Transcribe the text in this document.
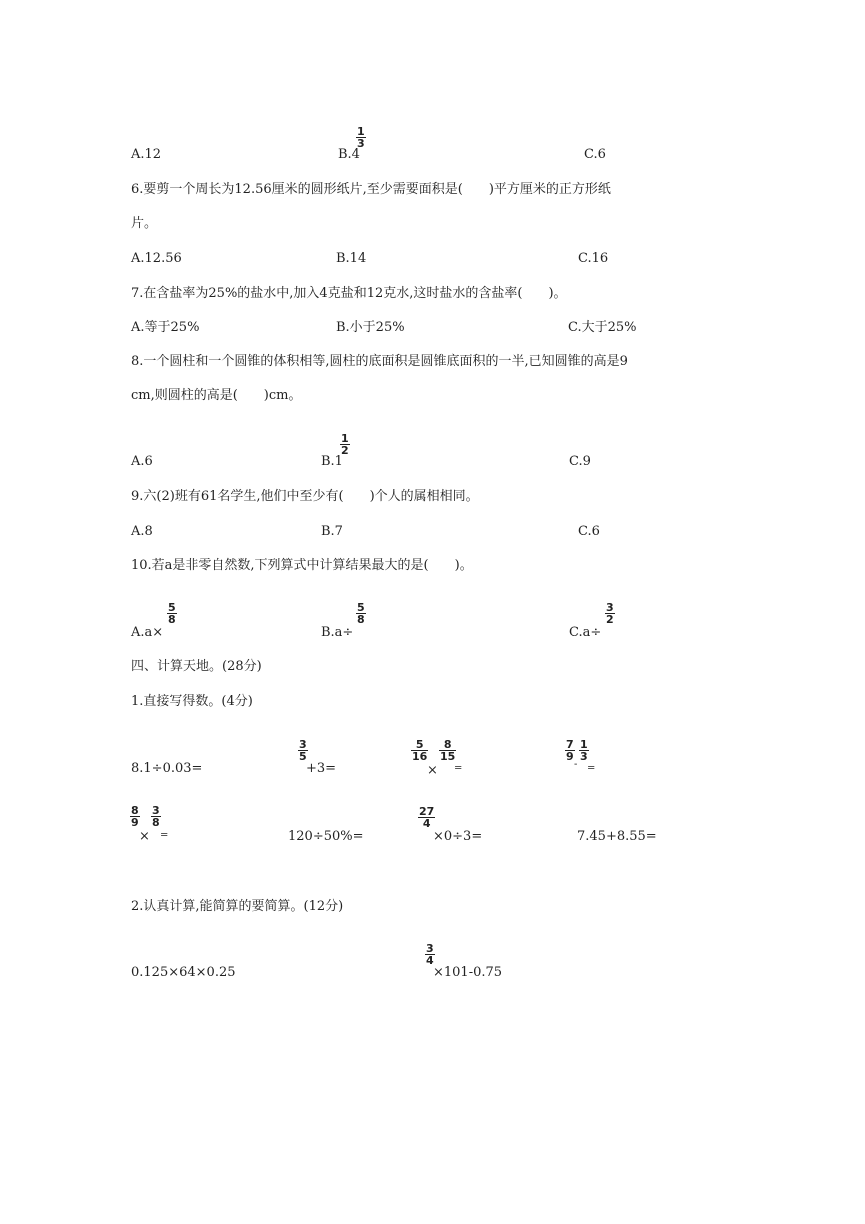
A.12	B.4
$\frac{1}{3}$
C.6
6.要剪一个周长为12.56厘米的圆形纸片,至少需要面积是(　　)平方厘米的正方形纸
片。
A.12.56	B.14	C.16
7.在含盐率为25%的盐水中,加入4克盐和12克水,这时盐水的含盐率(　　)。
A.等于25%	B.小于25%	C.大于25%
8.一个圆柱和一个圆锥的体积相等,圆柱的底面积是圆锥底面积的一半,已知圆锥的高是9
cm,则圆柱的高是(　　)cm。
A.6	B.1
$\frac{1}{2}$
C.9
9.六(2)班有61名学生,他们中至少有(　　)个人的属相相同。
A.8	B.7	C.6
10.若a是非零自然数,下列算式中计算结果最大的是(　　)。
A.a×
$\frac{5}{8}$
B.a÷
$\frac{5}{8}$
C.a÷
$\frac{3}{2}$
四、计算天地。(28分)
1.直接写得数。(4分)
8.1÷0.03=
$\frac{3}{5}$
+3=
$\frac{5}{16}$
×
$\frac{8}{15}$
=
$\frac{7}{9}$
-
$\frac{1}{3}$
=
$\frac{8}{9}$
×
$\frac{3}{8}$
=	120÷50%=
$\frac{27}{4}$
×0÷3=	7.45+8.55=
2.认真计算,能简算的要简算。(12分)
0.125×64×0.25
$\frac{3}{4}$
×101-0.75
